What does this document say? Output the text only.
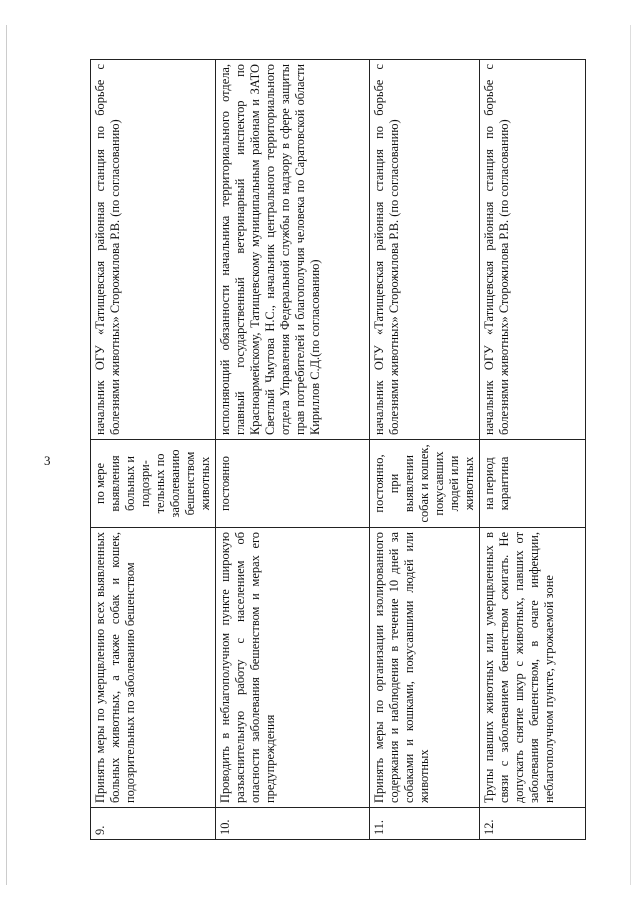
3
9.	Принять меры по умерщвлению всех выявленных больных животных, а также собак и кошек, подозрительных по заболеванию бешенством	по мере выявления больных и подозри-тельных по заболеванию бешенством животных	начальник ОГУ «Татищевская районная станция по борьбе с болезнями животных» Сторожилова Р.В. (по согласованию)
10.	Проводить в неблагополучном пункте широкую разъяснительную работу с населением об опасности заболевания бешенством и мерах его предупреждения	постоянно	исполняющий обязанности начальника территориального отдела, главный государственный ветеринарный инспектор по Красноармейскому, Татищевскому муниципальным районам и ЗАТО Светлый Чмутова Н.С., начальник центрального территориального отдела Управления Федеральной службы по надзору в сфере защиты прав потребителей и благополучия человека по Саратовской области Кириллов С.Д.(по согласованию)
11.	Принять меры по организации изолированного содержания и наблюдения в течение 10 дней за собаками и кошками, покусавшими людей или животных	постоянно, при выявлении собак и кошек, покусавших людей или животных	начальник ОГУ «Татищевская районная станция по борьбе с болезнями животных» Сторожилова Р.В. (по согласованию)
12.	Трупы павших животных или умерщвленных в связи с заболеванием бешенством сжигать. Не допускать снятие шкур с животных, павших от заболевания бешенством, в очаге инфекции, неблагополучном пункте, угрожаемой зоне	на период карантина	начальник ОГУ «Татищевская районная станция по борьбе с болезнями животных» Сторожилова Р.В. (по согласованию)
